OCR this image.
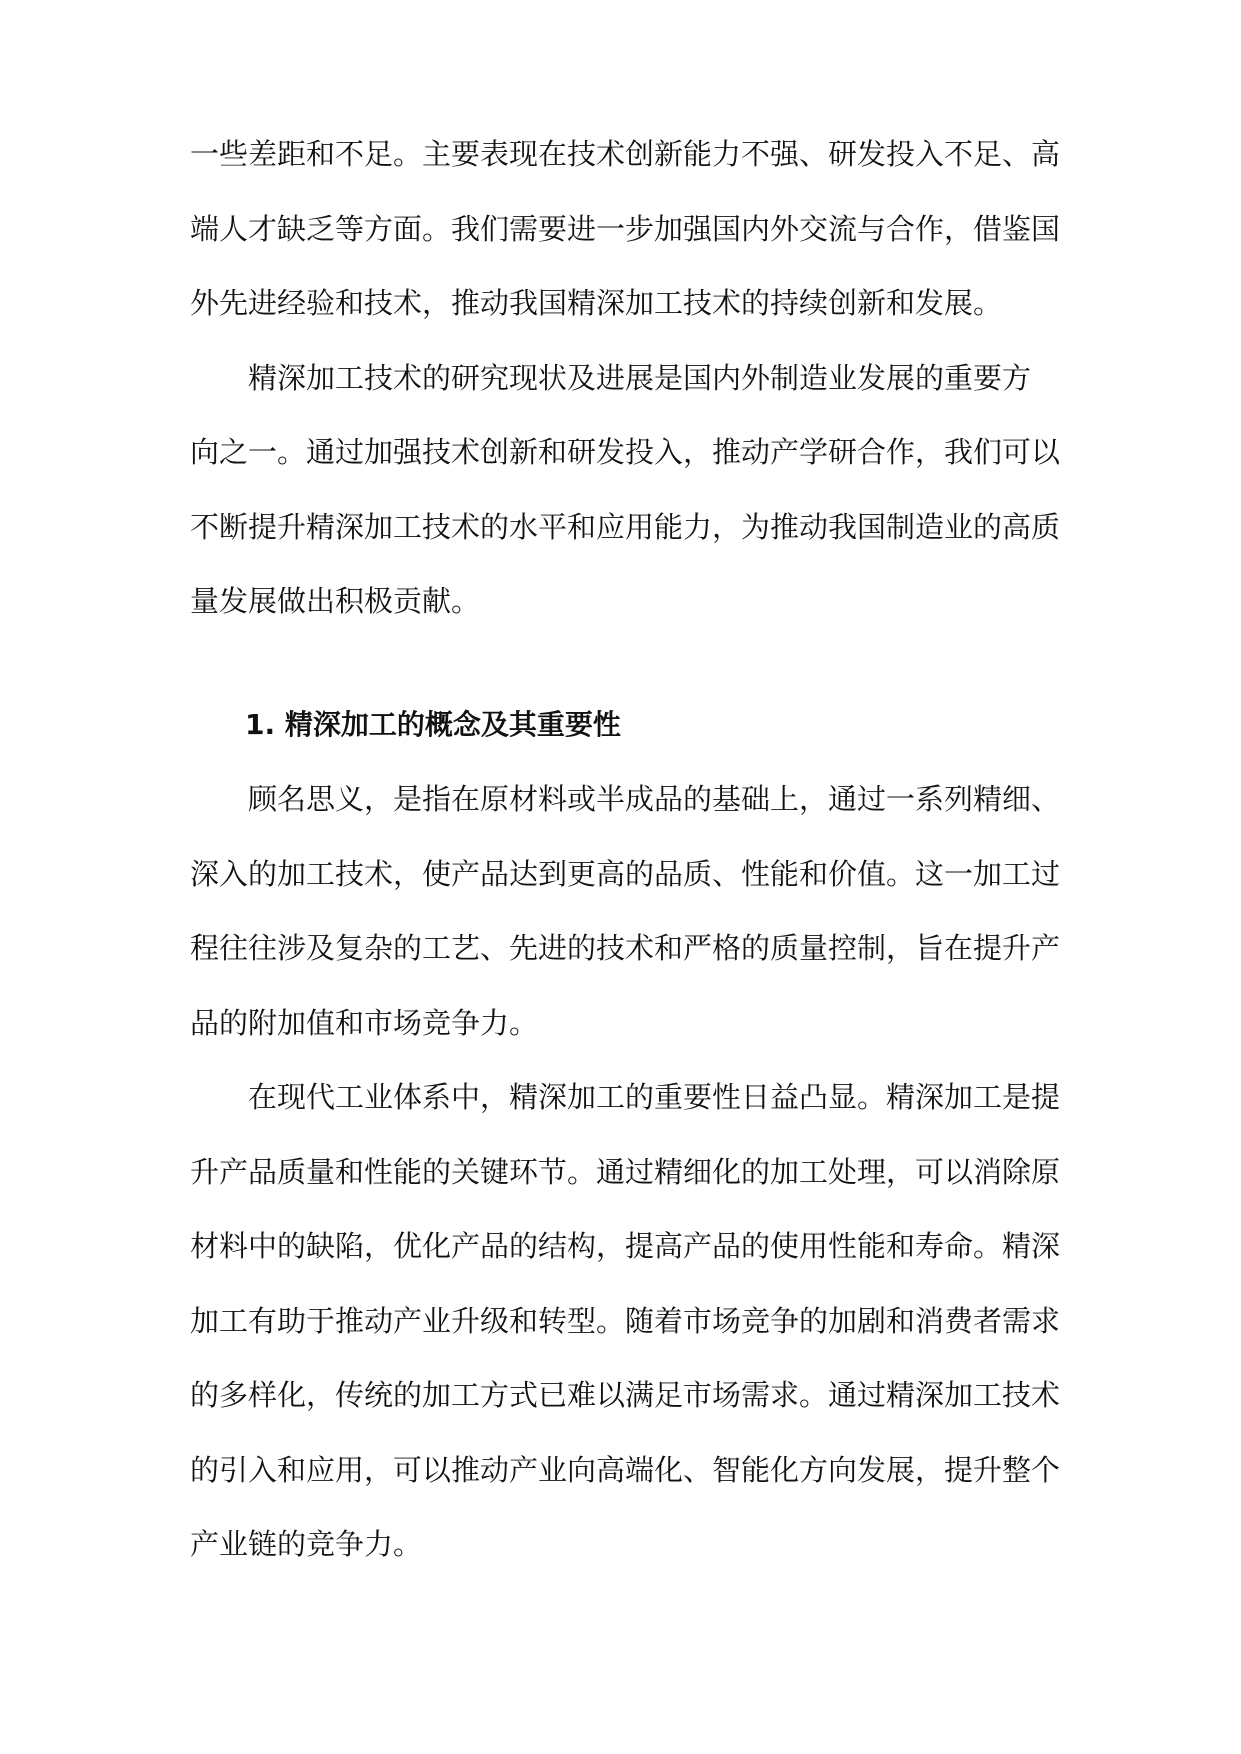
一些差距和不足。主要表现在技术创新能力不强、研发投入不足、高

端人才缺乏等方面。我们需要进一步加强国内外交流与合作，借鉴国

外先进经验和技术，推动我国精深加工技术的持续创新和发展。

精深加工技术的研究现状及进展是国内外制造业发展的重要方

向之一。通过加强技术创新和研发投入，推动产学研合作，我们可以

不断提升精深加工技术的水平和应用能力，为推动我国制造业的高质

量发展做出积极贡献。

1. 精深加工的概念及其重要性

顾名思义，是指在原材料或半成品的基础上，通过一系列精细、

深入的加工技术，使产品达到更高的品质、性能和价值。这一加工过

程往往涉及复杂的工艺、先进的技术和严格的质量控制，旨在提升产

品的附加值和市场竞争力。

在现代工业体系中，精深加工的重要性日益凸显。精深加工是提

升产品质量和性能的关键环节。通过精细化的加工处理，可以消除原

材料中的缺陷，优化产品的结构，提高产品的使用性能和寿命。精深

加工有助于推动产业升级和转型。随着市场竞争的加剧和消费者需求

的多样化，传统的加工方式已难以满足市场需求。通过精深加工技术

的引入和应用，可以推动产业向高端化、智能化方向发展，提升整个

产业链的竞争力。
